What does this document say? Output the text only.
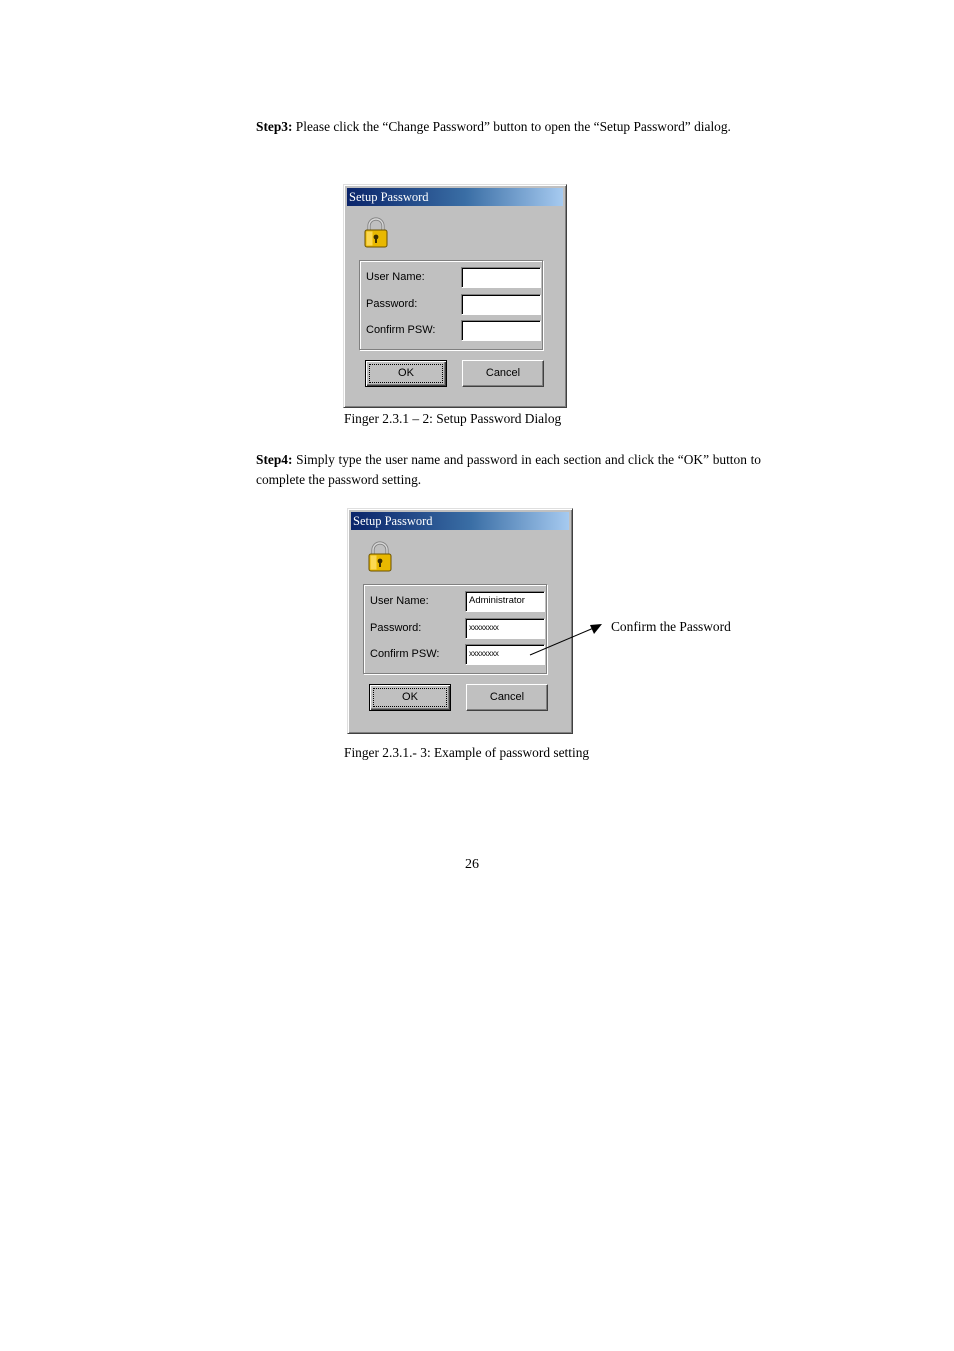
Step3: Please click the “Change Password” button to open the “Setup Password” dialog.
Setup Password
User Name:
Password:
Confirm PSW:
OK	Cancel
Finger 2.3.1 – 2: Setup Password Dialog
Step4: Simply type the user name and password in each section and click the “OK” button to complete the password setting.
Setup Password
User Name:	Administrator
Password:	xxxxxxxx
Confirm PSW:	xxxxxxxx
OK	Cancel
Confirm the Password
Finger 2.3.1.- 3: Example of password setting
26
